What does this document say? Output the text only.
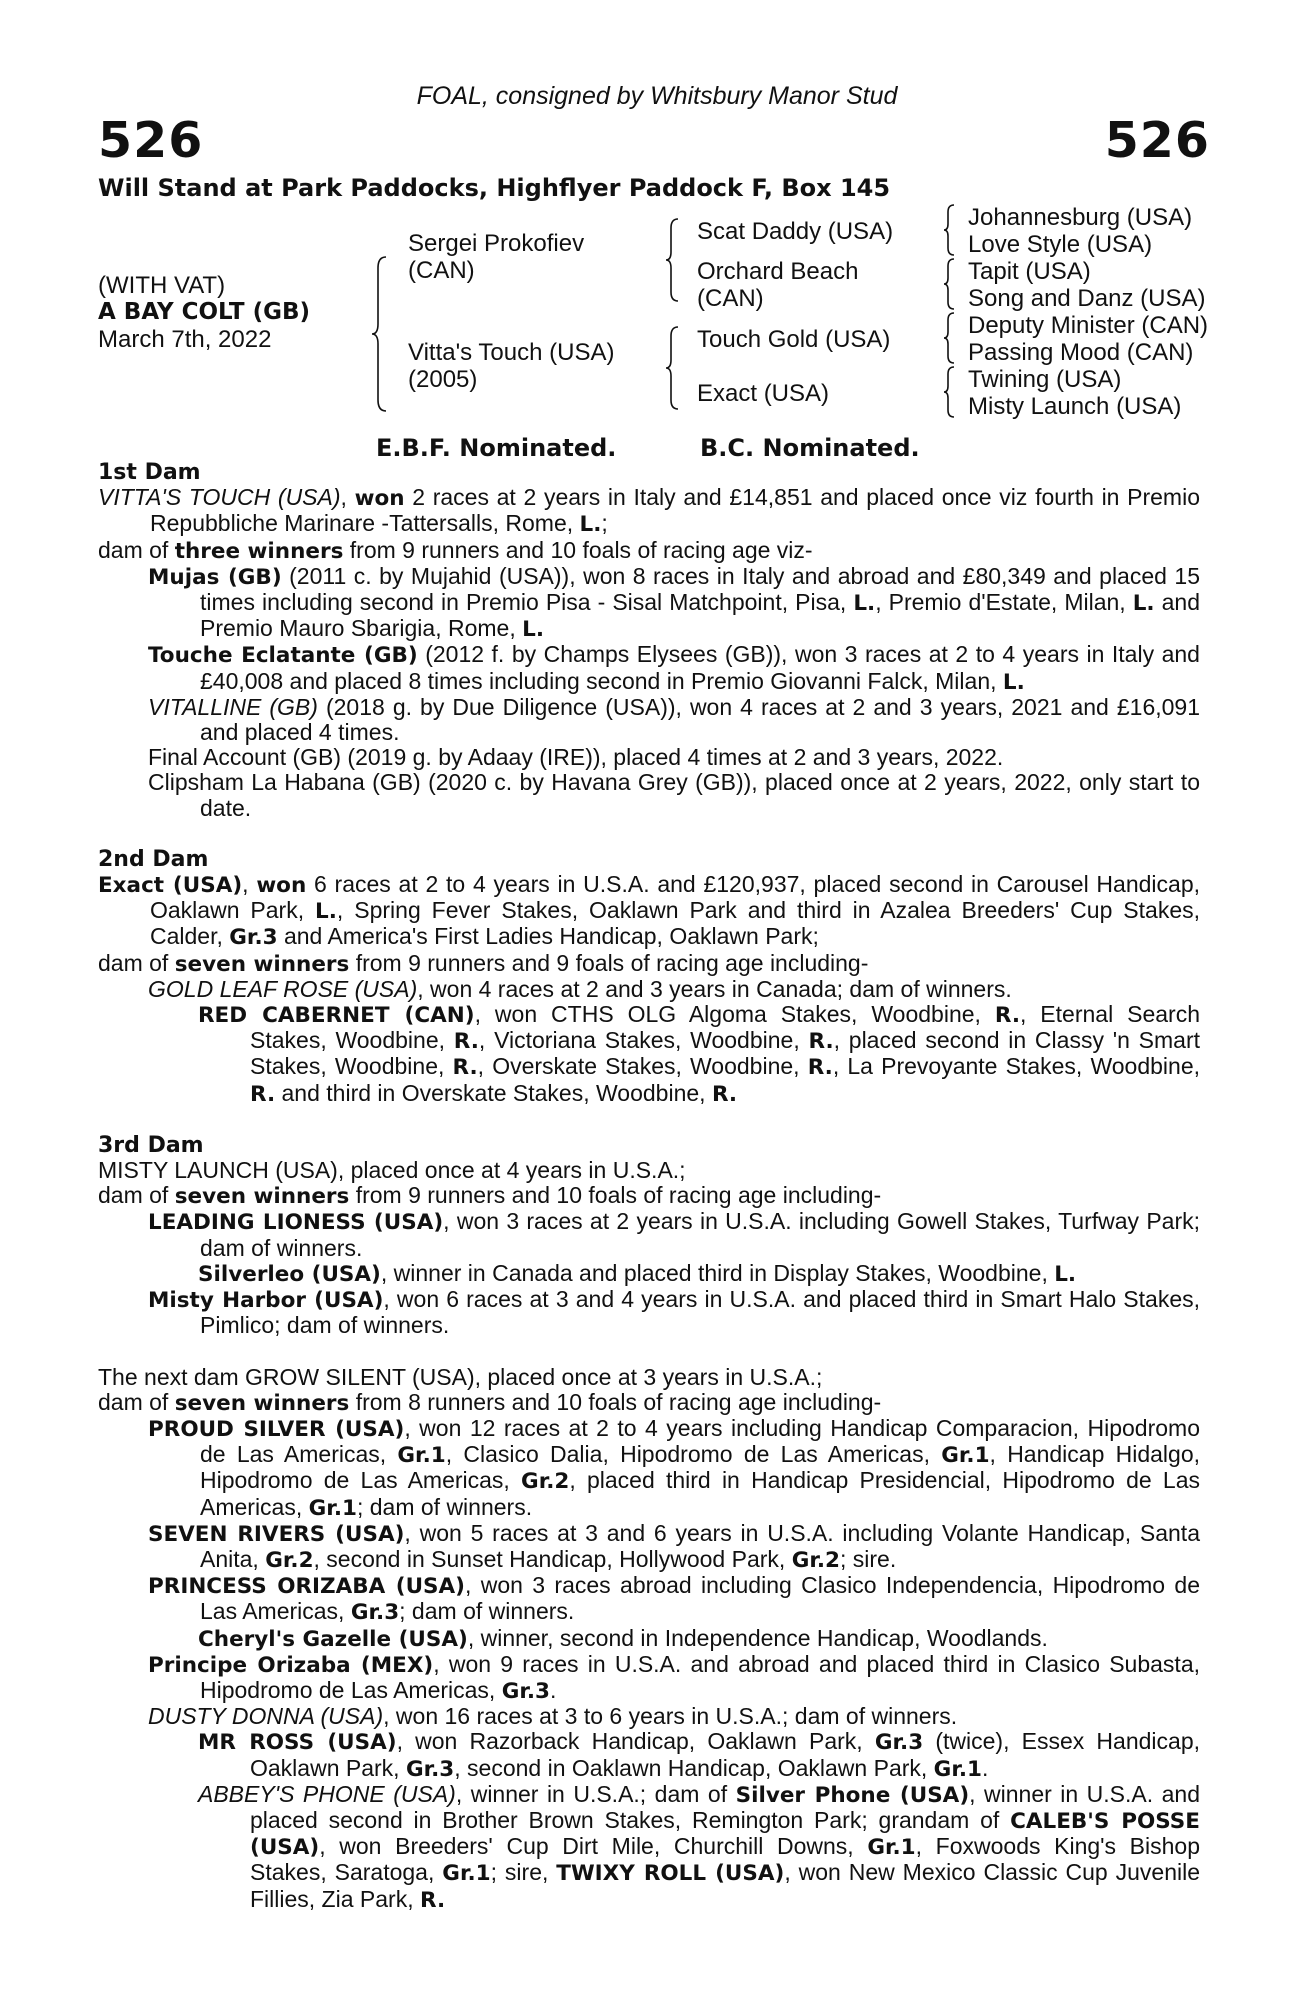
FOAL, consigned by Whitsbury Manor Stud
526	526
Will Stand at Park Paddocks, Highflyer Paddock F, Box 145
(WITH VAT)
A BAY COLT (GB)
March 7th, 2022
Sergei Prokofiev
(CAN)
Vitta's Touch (USA)
(2005)
Scat Daddy (USA)
Orchard Beach
(CAN)
Touch Gold (USA)
Exact (USA)
Johannesburg (USA)
Love Style (USA)
Tapit (USA)
Song and Danz (USA)
Deputy Minister (CAN)
Passing Mood (CAN)
Twining (USA)
Misty Launch (USA)
E.B.F. Nominated.	B.C. Nominated.

1st Dam

VITTA'S TOUCH (USA), won 2 races at 2 years in Italy and £14,851 and placed once viz fourth in Premio Repubbliche Marinare -Tattersalls, Rome, L.;

dam of three winners from 9 runners and 10 foals of racing age viz-

Mujas (GB) (2011 c. by Mujahid (USA)), won 8 races in Italy and abroad and £80,349 and placed 15 times including second in Premio Pisa - Sisal Matchpoint, Pisa, L., Premio d'Estate, Milan, L. and Premio Mauro Sbarigia, Rome, L.

Touche Eclatante (GB) (2012 f. by Champs Elysees (GB)), won 3 races at 2 to 4 years in Italy and £40,008 and placed 8 times including second in Premio Giovanni Falck, Milan, L.

VITALLINE (GB) (2018 g. by Due Diligence (USA)), won 4 races at 2 and 3 years, 2021 and £16,091 and placed 4 times.

Final Account (GB) (2019 g. by Adaay (IRE)), placed 4 times at 2 and 3 years, 2022.

Clipsham La Habana (GB) (2020 c. by Havana Grey (GB)), placed once at 2 years, 2022, only start to date.

2nd Dam

Exact (USA), won 6 races at 2 to 4 years in U.S.A. and £120,937, placed second in Carousel Handicap, Oaklawn Park, L., Spring Fever Stakes, Oaklawn Park and third in Azalea Breeders' Cup Stakes, Calder, Gr.3 and America's First Ladies Handicap, Oaklawn Park;

dam of seven winners from 9 runners and 9 foals of racing age including-

GOLD LEAF ROSE (USA), won 4 races at 2 and 3 years in Canada; dam of winners.

RED CABERNET (CAN), won CTHS OLG Algoma Stakes, Woodbine, R., Eternal Search Stakes, Woodbine, R., Victoriana Stakes, Woodbine, R., placed second in Classy 'n Smart Stakes, Woodbine, R., Overskate Stakes, Woodbine, R., La Prevoyante Stakes, Woodbine, R. and third in Overskate Stakes, Woodbine, R.

3rd Dam

MISTY LAUNCH (USA), placed once at 4 years in U.S.A.;

dam of seven winners from 9 runners and 10 foals of racing age including-

LEADING LIONESS (USA), won 3 races at 2 years in U.S.A. including Gowell Stakes, Turfway Park; dam of winners.

Silverleo (USA), winner in Canada and placed third in Display Stakes, Woodbine, L.

Misty Harbor (USA), won 6 races at 3 and 4 years in U.S.A. and placed third in Smart Halo Stakes, Pimlico; dam of winners.

The next dam GROW SILENT (USA), placed once at 3 years in U.S.A.;

dam of seven winners from 8 runners and 10 foals of racing age including-

PROUD SILVER (USA), won 12 races at 2 to 4 years including Handicap Comparacion, Hipodromo de Las Americas, Gr.1, Clasico Dalia, Hipodromo de Las Americas, Gr.1, Handicap Hidalgo, Hipodromo de Las Americas, Gr.2, placed third in Handicap Presidencial, Hipodromo de Las Americas, Gr.1; dam of winners.

SEVEN RIVERS (USA), won 5 races at 3 and 6 years in U.S.A. including Volante Handicap, Santa Anita, Gr.2, second in Sunset Handicap, Hollywood Park, Gr.2; sire.

PRINCESS ORIZABA (USA), won 3 races abroad including Clasico Independencia, Hipodromo de Las Americas, Gr.3; dam of winners.

Cheryl's Gazelle (USA), winner, second in Independence Handicap, Woodlands.

Principe Orizaba (MEX), won 9 races in U.S.A. and abroad and placed third in Clasico Subasta, Hipodromo de Las Americas, Gr.3.

DUSTY DONNA (USA), won 16 races at 3 to 6 years in U.S.A.; dam of winners.

MR ROSS (USA), won Razorback Handicap, Oaklawn Park, Gr.3 (twice), Essex Handicap, Oaklawn Park, Gr.3, second in Oaklawn Handicap, Oaklawn Park, Gr.1.

ABBEY'S PHONE (USA), winner in U.S.A.; dam of Silver Phone (USA), winner in U.S.A. and placed second in Brother Brown Stakes, Remington Park; grandam of CALEB'S POSSE (USA), won Breeders' Cup Dirt Mile, Churchill Downs, Gr.1, Foxwoods King's Bishop Stakes, Saratoga, Gr.1; sire, TWIXY ROLL (USA), won New Mexico Classic Cup Juvenile Fillies, Zia Park, R.
